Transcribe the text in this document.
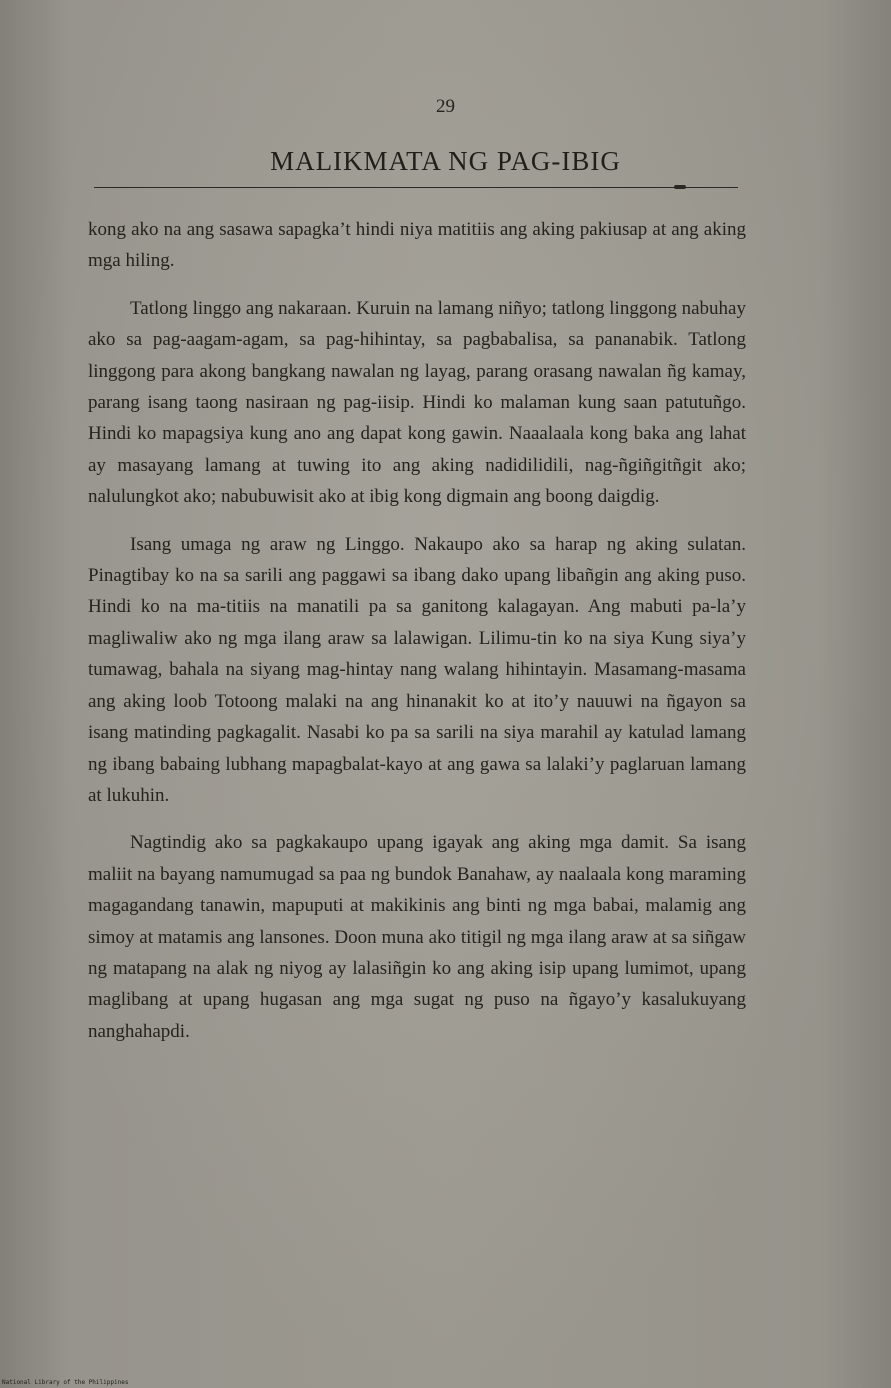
29
MALIKMATA NG PAG-IBIG

kong ako na ang sasawa sapagka’t hindi niya matitiis ang aking pakiusap at ang aking mga hiling.

Tatlong linggo ang nakaraan. Kuruin na lamang niñyo; tatlong linggong nabuhay ako sa pag-aagam-agam, sa pag-hihintay, sa pagbabalisa, sa pananabik. Tatlong linggong para akong bangkang nawalan ng layag, parang orasang nawalan ñg kamay, parang isang taong nasiraan ng pag-iisip. Hindi ko malaman kung saan patutuñgo. Hindi ko mapagsiya kung ano ang dapat kong gawin. Naaalaala kong baka ang lahat ay masayang lamang at tuwing ito ang aking nadidilidili, nag-ñgiñgitñgit ako; nalulungkot ako; nabubuwisit ako at ibig kong digmain ang boong daigdig.

Isang umaga ng araw ng Linggo. Nakaupo ako sa harap ng aking sulatan. Pinagtibay ko na sa sarili ang paggawi sa ibang dako upang libañgin ang aking puso. Hindi ko na ma-titiis na manatili pa sa ganitong kalagayan. Ang mabuti pa-la’y magliwaliw ako ng mga ilang araw sa lalawigan. Lilimu-tin ko na siya Kung siya’y tumawag, bahala na siyang mag-hintay nang walang hihintayin. Masamang-masama ang aking loob Totoong malaki na ang hinanakit ko at ito’y nauuwi na ñgayon sa isang matinding pagkagalit. Nasabi ko pa sa sarili na siya marahil ay katulad lamang ng ibang babaing lubhang mapagbalat-kayo at ang gawa sa lalaki’y paglaruan lamang at lukuhin.

Nagtindig ako sa pagkakaupo upang igayak ang aking mga damit. Sa isang maliit na bayang namumugad sa paa ng bundok Banahaw, ay naalaala kong maraming magagandang tanawin, mapuputi at makikinis ang binti ng mga babai, malamig ang simoy at matamis ang lansones. Doon muna ako titigil ng mga ilang araw at sa siñgaw ng matapang na alak ng niyog ay lalasiñgin ko ang aking isip upang lumimot, upang maglibang at upang hugasan ang mga sugat ng puso na ñgayo’y kasalukuyang nanghahapdi.

National Library of the Philippines
